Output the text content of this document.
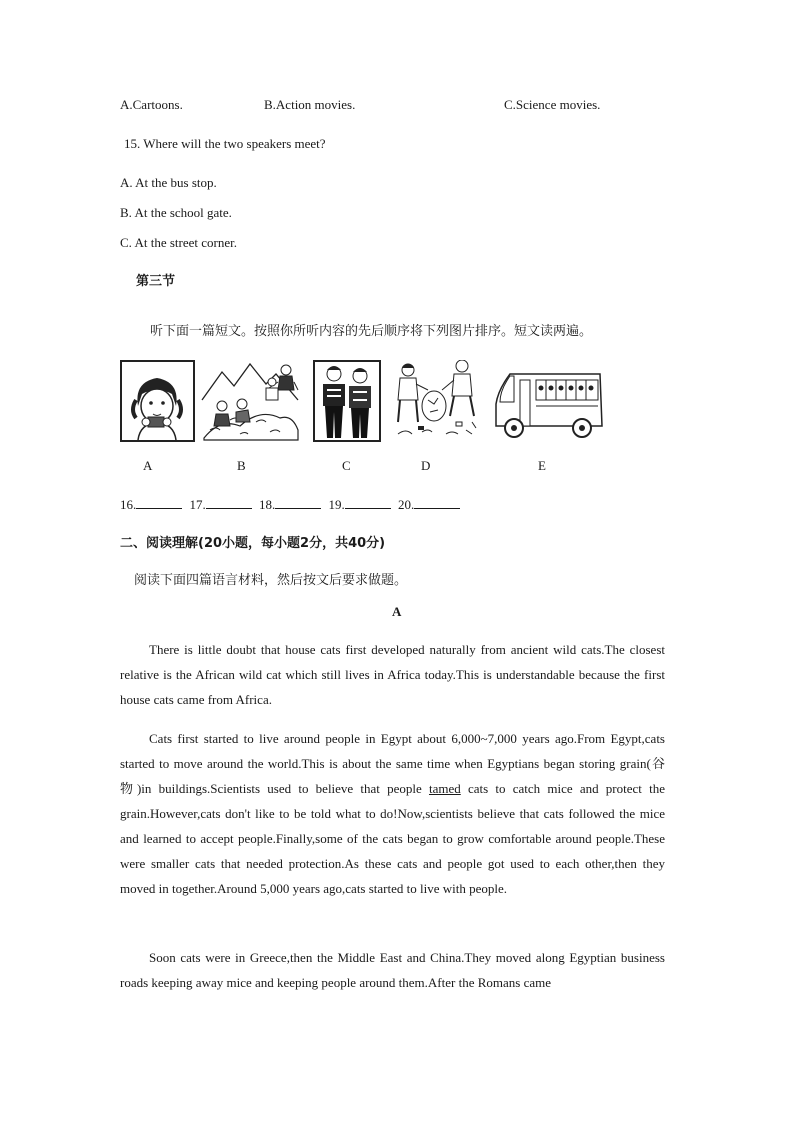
A.Cartoons.	B.Action movies.	C.Science movies.
15. Where will the two speakers meet?
A. At the bus stop.
B. At the school gate.
C. At the street corner.
第三节
听下面一篇短文。按照你所听内容的先后顺序将下列图片排序。短文读两遍。
A	B	C	D	E
16.	17.	18.	19.	20.
二、阅读理解(20小题，每小题2分，共40分)
阅读下面四篇语言材料，然后按文后要求做题。
A
There is little doubt that house cats first developed naturally from ancient wild cats.The closest relative is the African wild cat which still lives in Africa today.This is understandable because the first house cats came from Africa.
Cats first started to live around people in Egypt about 6,000~7,000 years ago.From Egypt,cats started to move around the world.This is about the same time when Egyptians began storing grain(谷物)in buildings.Scientists used to believe that people tamed cats to catch mice and protect the grain.However,cats don't like to be told what to do!Now,scientists believe that cats followed the mice and learned to accept people.Finally,some of the cats began to grow comfortable around people.These were smaller cats that needed protection.As these cats and people got used to each other,then they moved in together.Around 5,000 years ago,cats started to live with people.
Soon cats were in Greece,then the Middle East and China.They moved along Egyptian business roads keeping away mice and keeping people around them.After the Romans came
